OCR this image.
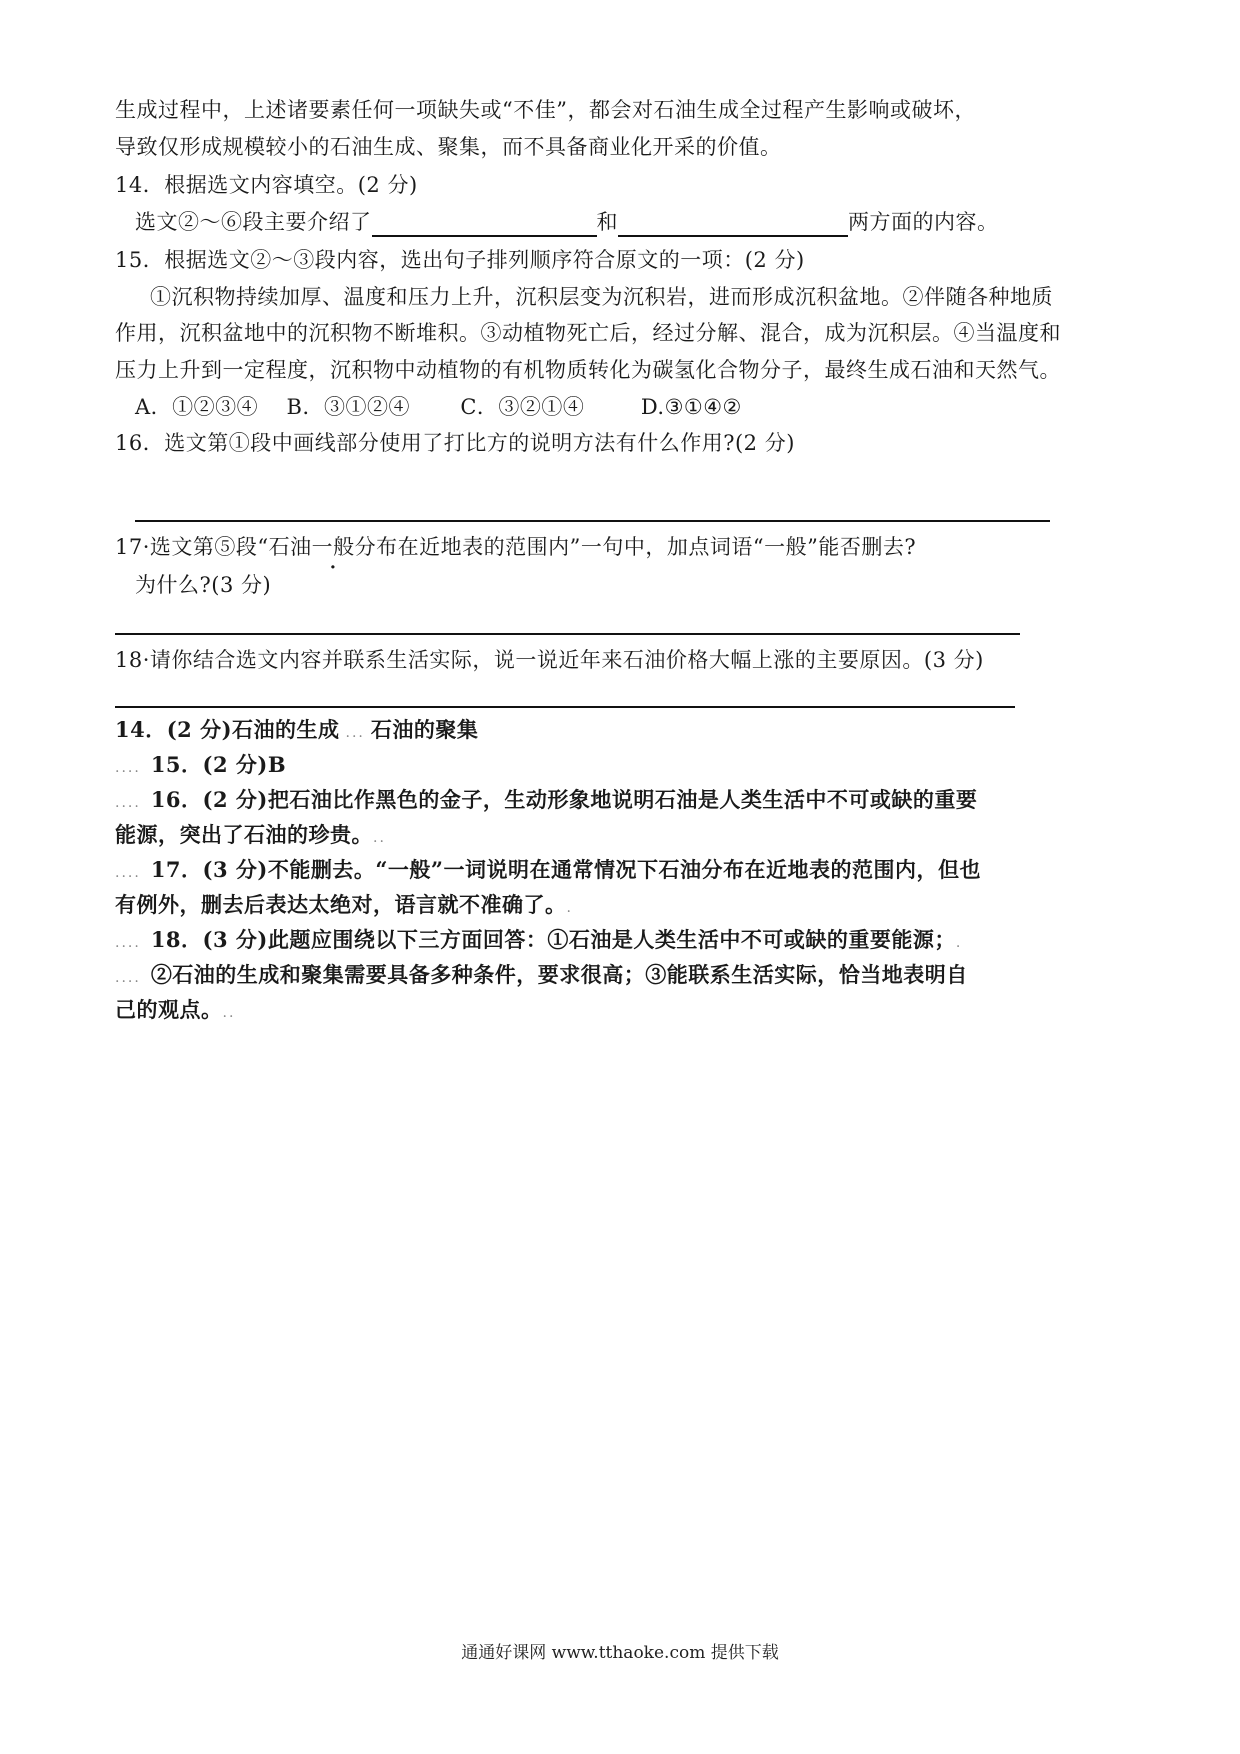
生成过程中，上述诸要素任何一项缺失或“不佳”，都会对石油生成全过程产生影响或破坏，
导致仅形成规模较小的石油生成、聚集，而不具备商业化开采的价值。
14．根据选文内容填空。(2 分)
选文②～⑥段主要介绍了	和	两方面的内容。
15．根据选文②～③段内容，选出句子排列顺序符合原文的一项：(2 分)
①沉积物持续加厚、温度和压力上升，沉积层变为沉积岩，进而形成沉积盆地。②伴随各种地质
作用，沉积盆地中的沉积物不断堆积。③动植物死亡后，经过分解、混合，成为沉积层。④当温度和
压力上升到一定程度，沉积物中动植物的有机物质转化为碳氢化合物分子，最终生成石油和天然气。
A．①②③④ B．③①②④ C．③②①④	D.③①④②
16．选文第①段中画线部分使用了打比方的说明方法有什么作用?(2 分)
17·选文第⑤段“石油一般分布在近地表的范围内”一句中，加点词语“一般”能否删去?
为什么?(3 分)
18·请你结合选文内容并联系生活实际，说一说近年来石油价格大幅上涨的主要原因。(3 分)
14．(2 分)石油的生成 ... 石油的聚集
.... 15．(2 分)B
.... 16．(2 分)把石油比作黑色的金子，生动形象地说明石油是人类生活中不可或缺的重要
能源，突出了石油的珍贵。..
.... 17．(3 分)不能删去。“一般”一词说明在通常情况下石油分布在近地表的范围内，但也
有例外，删去后表达太绝对，语言就不准确了。.
.... 18．(3 分)此题应围绕以下三方面回答：①石油是人类生活中不可或缺的重要能源；.
.... ②石油的生成和聚集需要具备多种条件，要求很高；③能联系生活实际，恰当地表明自
己的观点。..
通通好课网 www.tthaoke.com 提供下载
